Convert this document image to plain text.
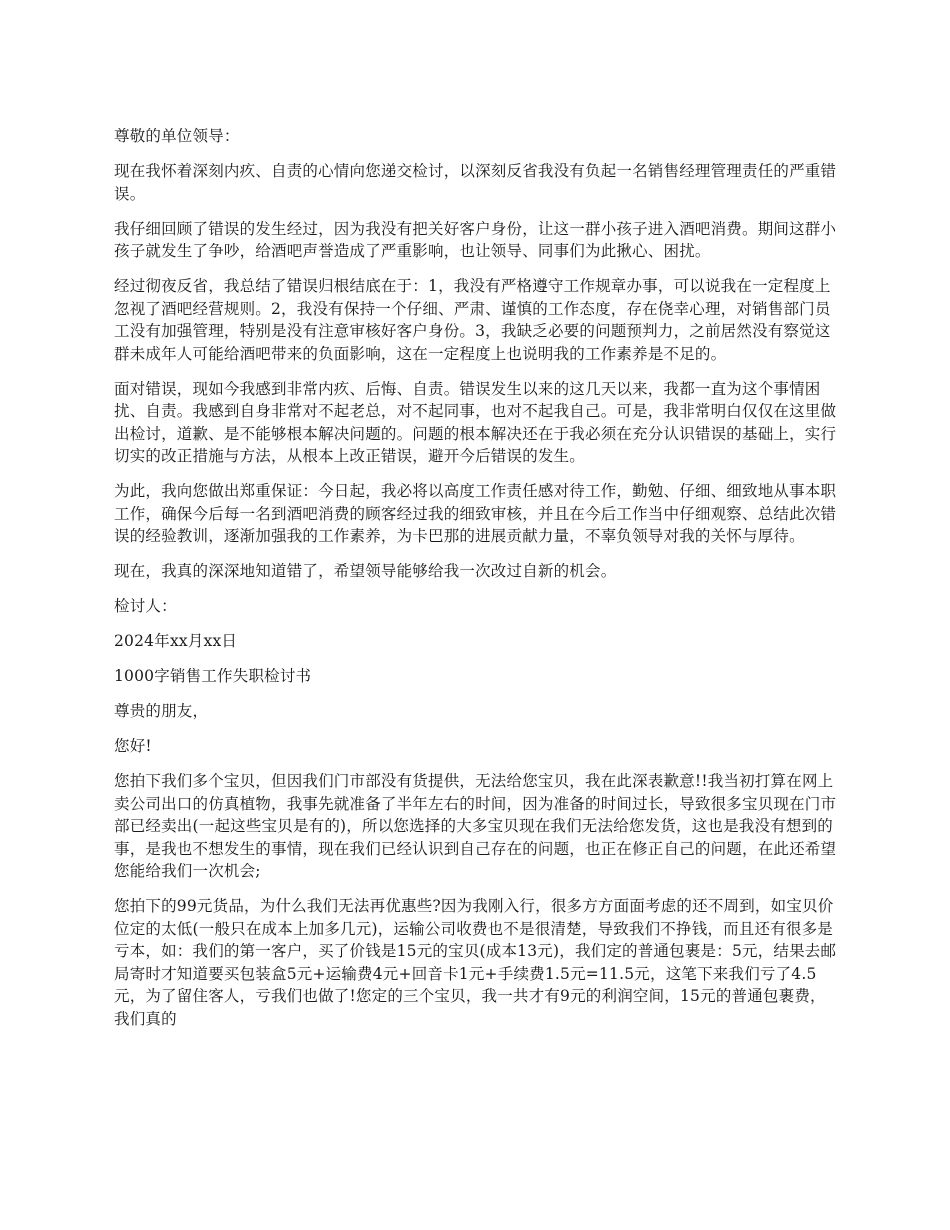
尊敬的单位领导：

现在我怀着深刻内疚、自责的心情向您递交检讨，以深刻反省我没有负起一名销售经理管理责任的严重错误。

我仔细回顾了错误的发生经过，因为我没有把关好客户身份，让这一群小孩子进入酒吧消费。期间这群小孩子就发生了争吵，给酒吧声誉造成了严重影响，也让领导、同事们为此揪心、困扰。

经过彻夜反省，我总结了错误归根结底在于：1，我没有严格遵守工作规章办事，可以说我在一定程度上忽视了酒吧经营规则。2，我没有保持一个仔细、严肃、谨慎的工作态度，存在侥幸心理，对销售部门员工没有加强管理，特别是没有注意审核好客户身份。3，我缺乏必要的问题预判力，之前居然没有察觉这群未成年人可能给酒吧带来的负面影响，这在一定程度上也说明我的工作素养是不足的。

面对错误，现如今我感到非常内疚、后悔、自责。错误发生以来的这几天以来，我都一直为这个事情困扰、自责。我感到自身非常对不起老总，对不起同事，也对不起我自己。可是，我非常明白仅仅在这里做出检讨，道歉、是不能够根本解决问题的。问题的根本解决还在于我必须在充分认识错误的基础上，实行切实的改正措施与方法，从根本上改正错误，避开今后错误的发生。

为此，我向您做出郑重保证：今日起，我必将以高度工作责任感对待工作，勤勉、仔细、细致地从事本职工作，确保今后每一名到酒吧消费的顾客经过我的细致审核，并且在今后工作当中仔细观察、总结此次错误的经验教训，逐渐加强我的工作素养，为卡巴那的进展贡献力量，不辜负领导对我的关怀与厚待。

现在，我真的深深地知道错了，希望领导能够给我一次改过自新的机会。

检讨人：

2024年xx月xx日

1000字销售工作失职检讨书

尊贵的朋友，

您好!

您拍下我们多个宝贝，但因我们门市部没有货提供，无法给您宝贝，我在此深表歉意!!我当初打算在网上卖公司出口的仿真植物，我事先就准备了半年左右的时间，因为准备的时间过长，导致很多宝贝现在门市部已经卖出(一起这些宝贝是有的)，所以您选择的大多宝贝现在我们无法给您发货，这也是我没有想到的事，是我也不想发生的事情，现在我们已经认识到自己存在的问题，也正在修正自己的问题，在此还希望您能给我们一次机会;

您拍下的99元货品，为什么我们无法再优惠些?因为我刚入行，很多方方面面考虑的还不周到，如宝贝价位定的太低(一般只在成本上加多几元)，运输公司收费也不是很清楚，导致我们不挣钱，而且还有很多是亏本，如：我们的第一客户，买了价钱是15元的宝贝(成本13元)，我们定的普通包裹是：5元，结果去邮局寄时才知道要买包装盒5元+运输费4元+回音卡1元+手续费1.5元=11.5元，这笔下来我们亏了4.5元，为了留住客人，亏我们也做了!您定的三个宝贝，我一共才有9元的利润空间，15元的普通包裹费，我们真的
